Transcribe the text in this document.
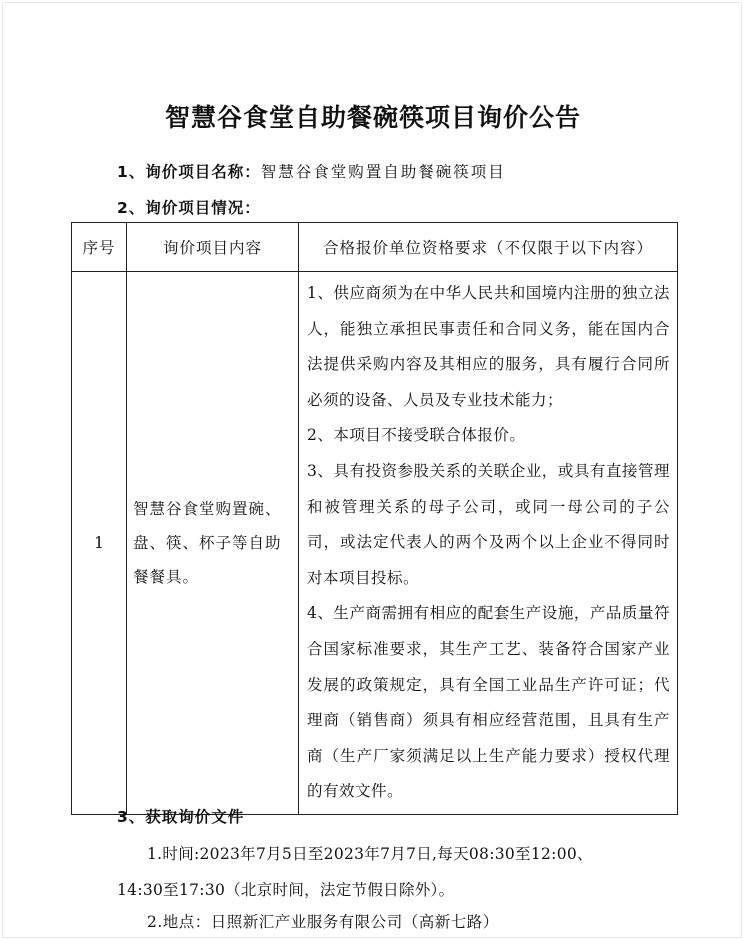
智慧谷食堂自助餐碗筷项目询价公告
1、询价项目名称：智慧谷食堂购置自助餐碗筷项目
2、询价项目情况：
序号	询价项目内容	合格报价单位资格要求（不仅限于以下内容）
1	智慧谷食堂购置碗、盘、筷、杯子等自助餐餐具。	1、供应商须为在中华人民共和国境内注册的独立法人，能独立承担民事责任和合同义务，能在国内合法提供采购内容及其相应的服务，具有履行合同所必须的设备、人员及专业技术能力；
2、本项目不接受联合体报价。
3、具有投资参股关系的关联企业，或具有直接管理和被管理关系的母子公司，或同一母公司的子公司，或法定代表人的两个及两个以上企业不得同时对本项目投标。
4、生产商需拥有相应的配套生产设施，产品质量符合国家标准要求，其生产工艺、装备符合国家产业发展的政策规定，具有全国工业品生产许可证；代理商（销售商）须具有相应经营范围，且具有生产商（生产厂家须满足以上生产能力要求）授权代理的有效文件。
3、获取询价文件
1.时间:2023年7月5日至2023年7月7日,每天08:30至12:00、
14:30至17:30（北京时间，法定节假日除外）。
2.地点：日照新汇产业服务有限公司（高新七路）
